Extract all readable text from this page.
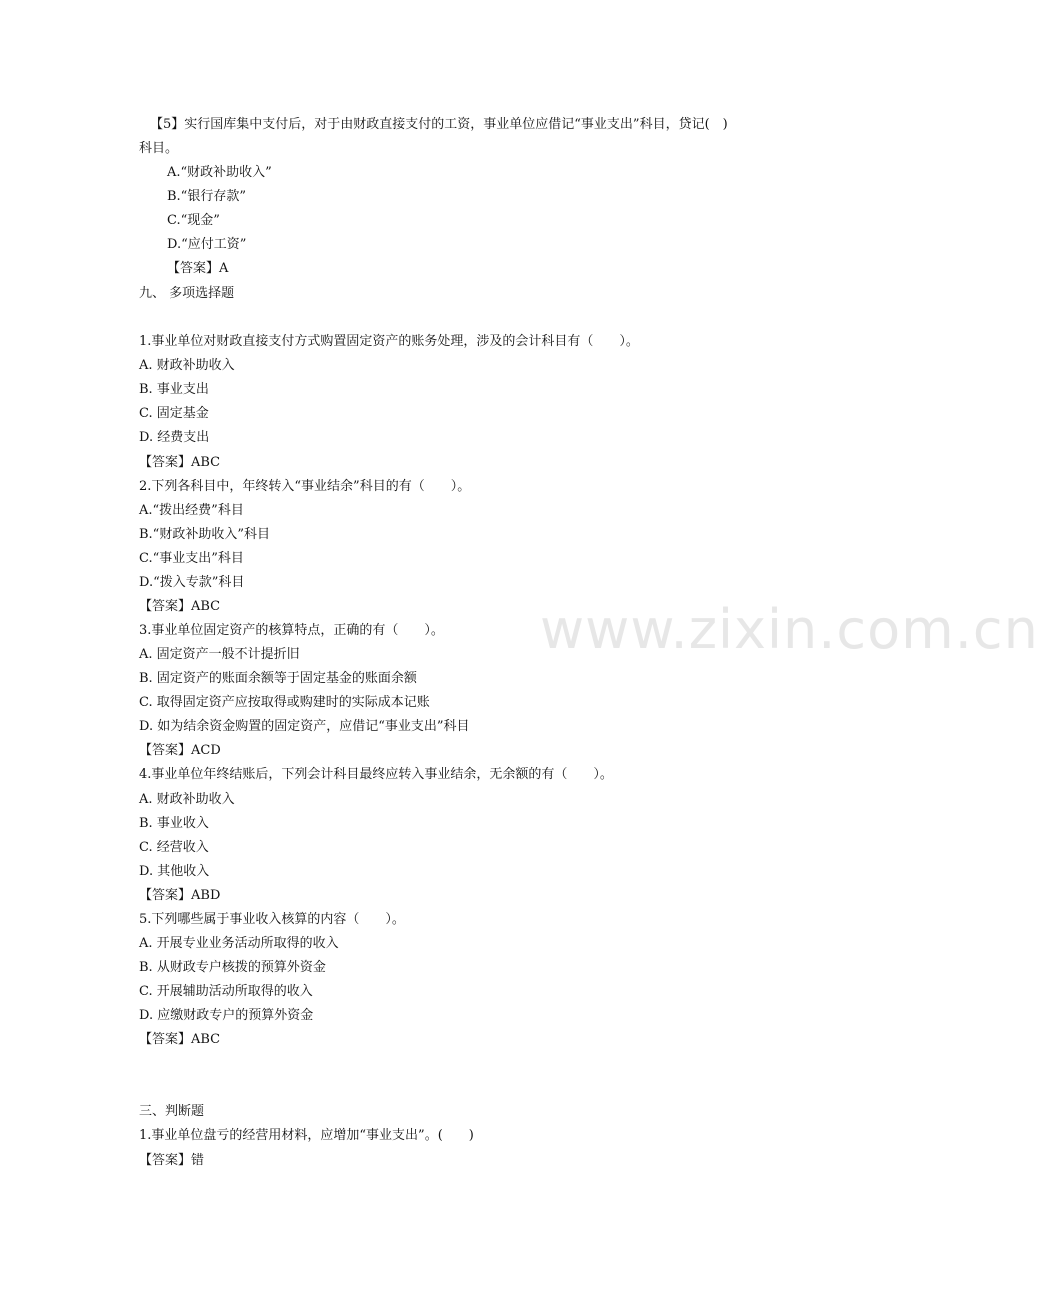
www.zixin.com.cn
【5】实行国库集中支付后，对于由财政直接支付的工资，事业单位应借记“事业支出”科目，贷记(　)
科目。
A.“财政补助收入”
B.“银行存款”
C.“现金”
D.“应付工资”
【答案】A
九、 多项选择题
1.事业单位对财政直接支付方式购置固定资产的账务处理，涉及的会计科目有（　　）。
A. 财政补助收入
B. 事业支出
C. 固定基金
D. 经费支出
【答案】ABC
2.下列各科目中，年终转入“事业结余”科目的有（　　）。
A.“拨出经费”科目
B.“财政补助收入”科目
C.“事业支出”科目
D.“拨入专款”科目
【答案】ABC
3.事业单位固定资产的核算特点，正确的有（　　）。
A. 固定资产一般不计提折旧
B. 固定资产的账面余额等于固定基金的账面余额
C. 取得固定资产应按取得或购建时的实际成本记账
D. 如为结余资金购置的固定资产，应借记“事业支出”科目
【答案】ACD
4.事业单位年终结账后，下列会计科目最终应转入事业结余，无余额的有（　　）。
A. 财政补助收入
B. 事业收入
C. 经营收入
D. 其他收入
【答案】ABD
5.下列哪些属于事业收入核算的内容（　　）。
A. 开展专业业务活动所取得的收入
B. 从财政专户核拨的预算外资金
C. 开展辅助活动所取得的收入
D. 应缴财政专户的预算外资金
【答案】ABC
三、判断题
1.事业单位盘亏的经营用材料，应增加“事业支出”。(　　)
【答案】错
